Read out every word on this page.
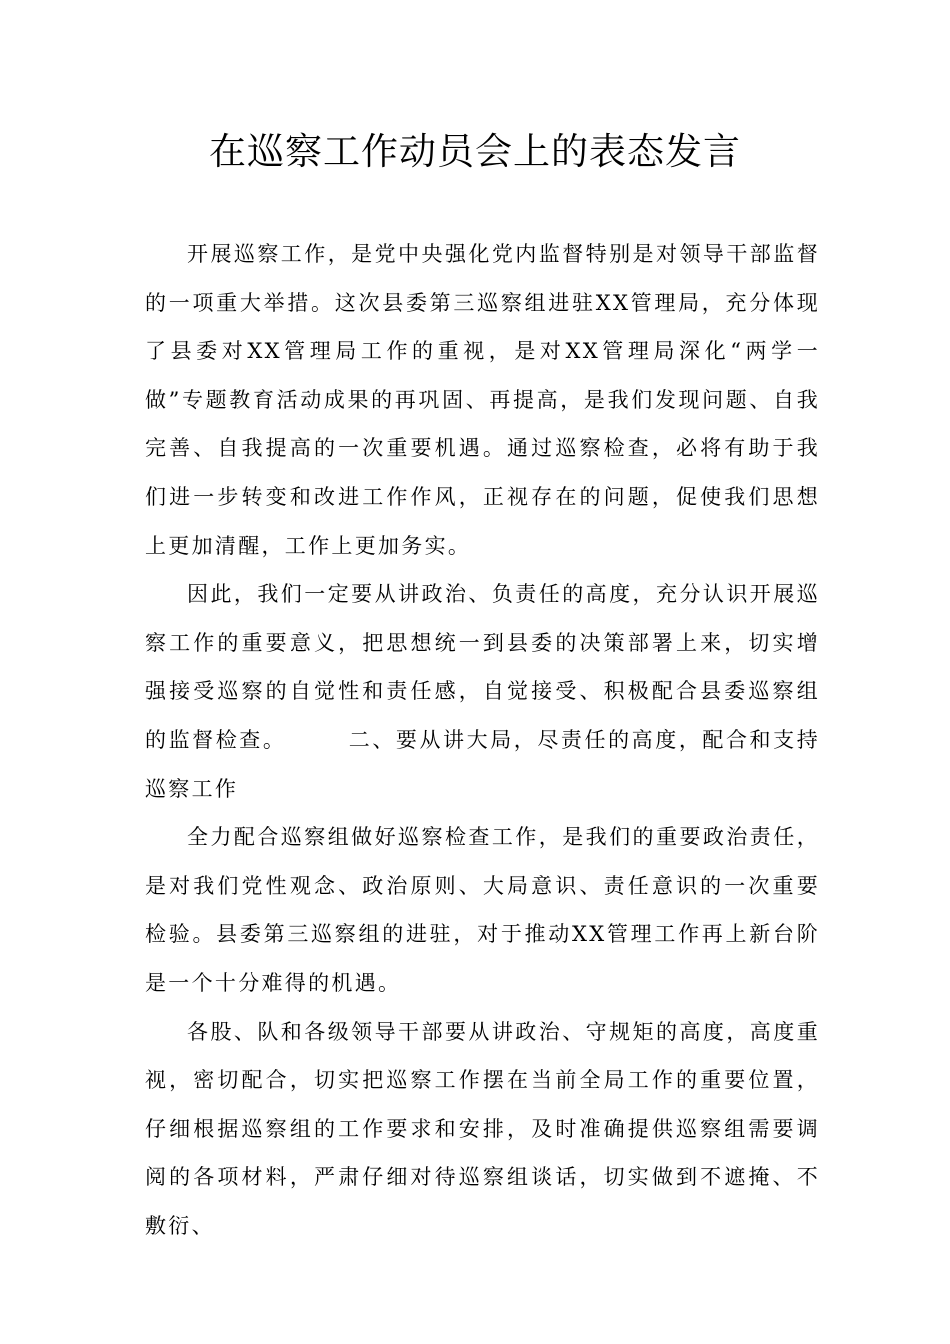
在巡察工作动员会上的表态发言

开展巡察工作，是党中央强化党内监督特别是对领导干部监督的一项重大举措。这次县委第三巡察组进驻XX管理局，充分体现了县委对XX管理局工作的重视，是对XX管理局深化“两学一做”专题教育活动成果的再巩固、再提高，是我们发现问题、自我完善、自我提高的一次重要机遇。通过巡察检查，必将有助于我们进一步转变和改进工作作风，正视存在的问题，促使我们思想上更加清醒，工作上更加务实。

因此，我们一定要从讲政治、负责任的高度，充分认识开展巡察工作的重要意义，把思想统一到县委的决策部署上来，切实增强接受巡察的自觉性和责任感，自觉接受、积极配合县委巡察组的监督检查。	二、要从讲大局，尽责任的高度，配合和支持巡察工作

全力配合巡察组做好巡察检查工作，是我们的重要政治责任，是对我们党性观念、政治原则、大局意识、责任意识的一次重要检验。县委第三巡察组的进驻，对于推动XX管理工作再上新台阶是一个十分难得的机遇。

各股、队和各级领导干部要从讲政治、守规矩的高度，高度重视，密切配合，切实把巡察工作摆在当前全局工作的重要位置，仔细根据巡察组的工作要求和安排，及时准确提供巡察组需要调阅的各项材料，严肃仔细对待巡察组谈话，切实做到不遮掩、不敷衍、
